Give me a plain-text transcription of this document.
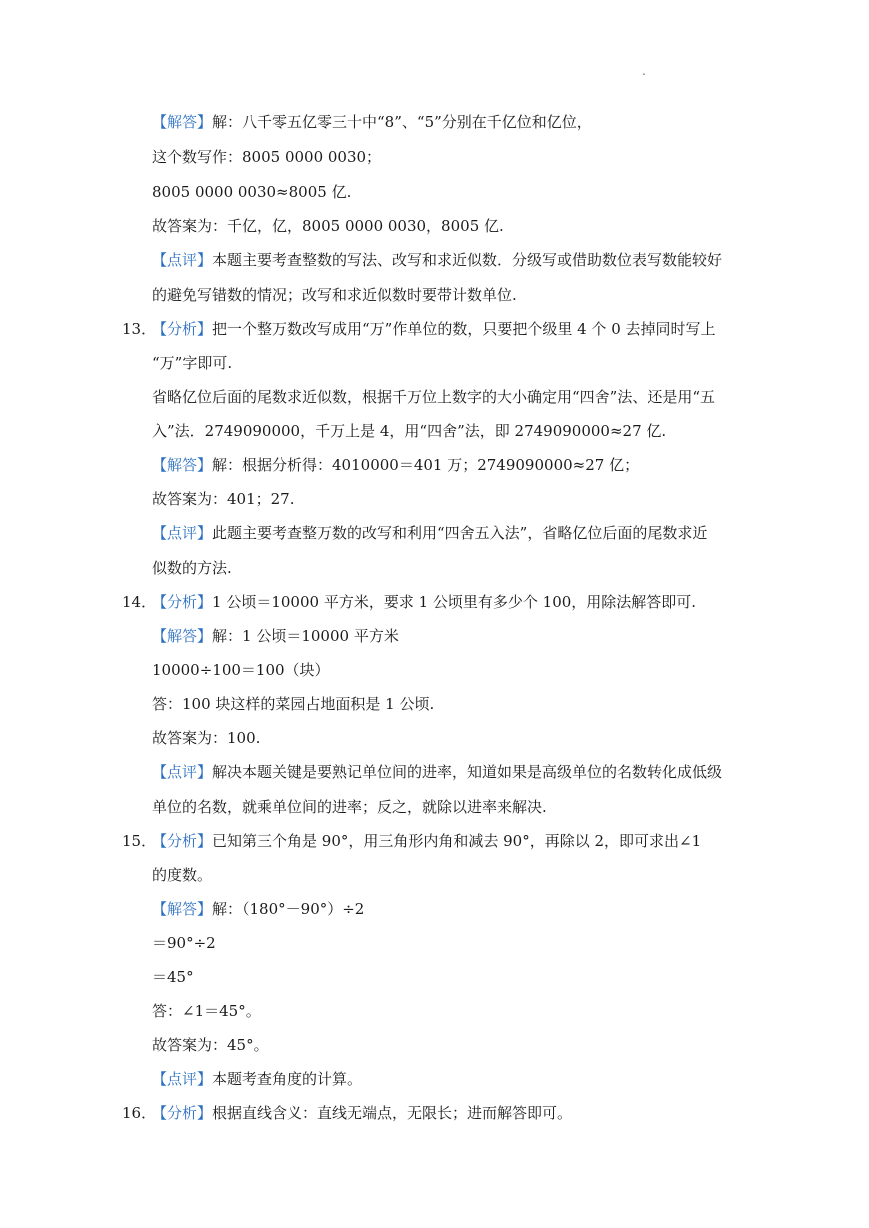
.
【解答】解：八千零五亿零三十中“8”、“5”分别在千亿位和亿位，
这个数写作：8005 0000 0030；
8005 0000 0030≈8005 亿.
故答案为：千亿，亿，8005 0000 0030，8005 亿.
【点评】本题主要考查整数的写法、改写和求近似数．分级写或借助数位表写数能较好
的避免写错数的情况；改写和求近似数时要带计数单位.
13．【分析】把一个整万数改写成用“万”作单位的数，只要把个级里 4 个 0 去掉同时写上
“万”字即可.
省略亿位后面的尾数求近似数，根据千万位上数字的大小确定用“四舍”法、还是用“五
入”法．2749090000，千万上是 4，用“四舍”法，即 2749090000≈27 亿.
【解答】解：根据分析得：4010000＝401 万；2749090000≈27 亿；
故答案为：401；27.
【点评】此题主要考查整万数的改写和利用“四舍五入法”，省略亿位后面的尾数求近
似数的方法.
14．【分析】1 公顷＝10000 平方米，要求 1 公顷里有多少个 100，用除法解答即可.
【解答】解：1 公顷＝10000 平方米
10000÷100＝100（块）
答：100 块这样的菜园占地面积是 1 公顷.
故答案为：100.
【点评】解决本题关键是要熟记单位间的进率，知道如果是高级单位的名数转化成低级
单位的名数，就乘单位间的进率；反之，就除以进率来解决.
15．【分析】已知第三个角是 90°，用三角形内角和减去 90°，再除以 2，即可求出∠1
的度数。
【解答】解：（180°－90°）÷2
＝90°÷2
＝45°
答：∠1＝45°。
故答案为：45°。
【点评】本题考查角度的计算。
16．【分析】根据直线含义：直线无端点，无限长；进而解答即可。
